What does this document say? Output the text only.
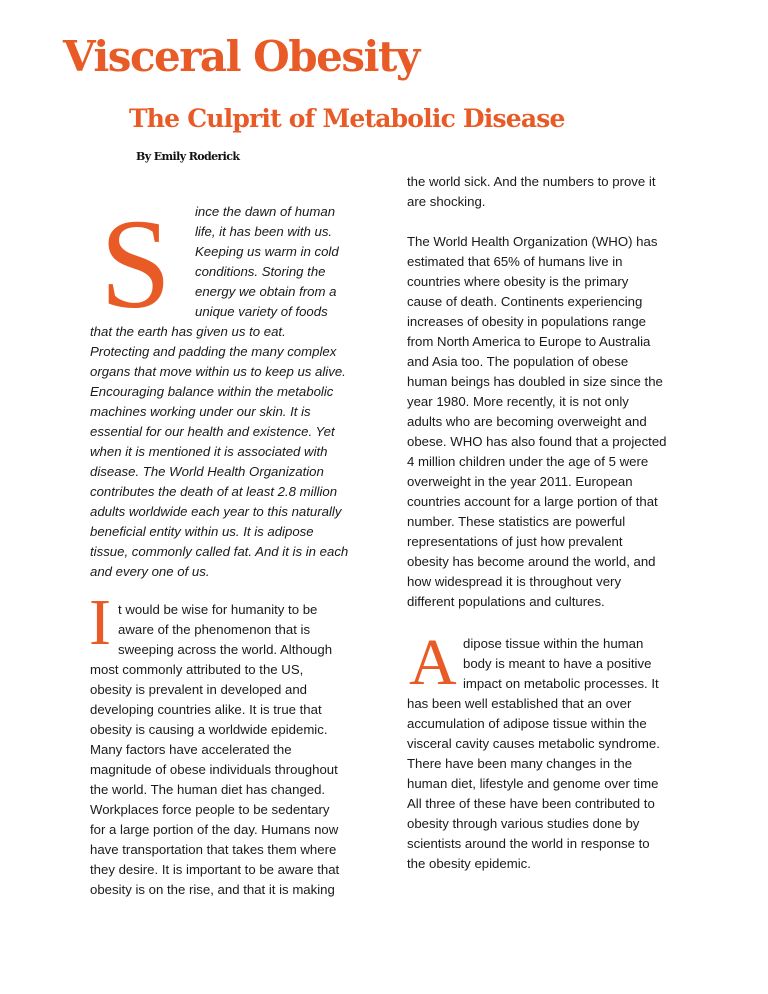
Visceral Obesity
The Culprit of Metabolic Disease

By Emily Roderick

S ince the dawn of human
life, it has been with us.
Keeping us warm in cold
conditions. Storing the
energy we obtain from a
unique variety of foods
that the earth has given us to eat.
Protecting and padding the many complex
organs that move within us to keep us alive.
Encouraging balance within the metabolic
machines working under our skin. It is
essential for our health and existence. Yet
when it is mentioned it is associated with
disease. The World Health Organization
contributes the death of at least 2.8 million
adults worldwide each year to this naturally
beneficial entity within us. It is adipose
tissue, commonly called fat. And it is in each
and every one of us.
I t would be wise for humanity to be
aware of the phenomenon that is
sweeping across the world. Although
most commonly attributed to the US,
obesity is prevalent in developed and
developing countries alike. It is true that
obesity is causing a worldwide epidemic.
Many factors have accelerated the
magnitude of obese individuals throughout
the world. The human diet has changed.
Workplaces force people to be sedentary
for a large portion of the day. Humans now
have transportation that takes them where
they desire. It is important to be aware that
obesity is on the rise, and that it is making
the world sick. And the numbers to prove it
are shocking.
The World Health Organization (WHO) has
estimated that 65% of humans live in
countries where obesity is the primary
cause of death. Continents experiencing
increases of obesity in populations range
from North America to Europe to Australia
and Asia too. The population of obese
human beings has doubled in size since the
year 1980. More recently, it is not only
adults who are becoming overweight and
obese. WHO has also found that a projected
4 million children under the age of 5 were
overweight in the year 2011. European
countries account for a large portion of that
number. These statistics are powerful
representations of just how prevalent
obesity has become around the world, and
how widespread it is throughout very
different populations and cultures.
A dipose tissue within the human
body is meant to have a positive
impact on metabolic processes. It
has been well established that an over
accumulation of adipose tissue within the
visceral cavity causes metabolic syndrome.
There have been many changes in the
human diet, lifestyle and genome over time
All three of these have been contributed to
obesity through various studies done by
scientists around the world in response to
the obesity epidemic.
